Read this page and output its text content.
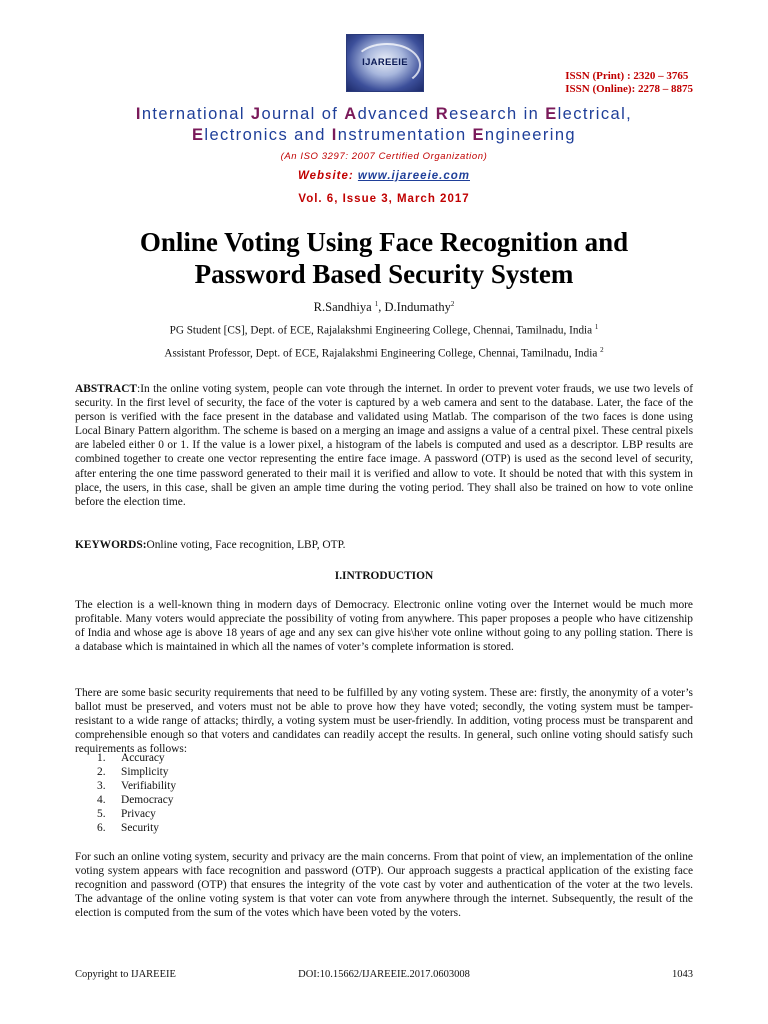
IJAREEIE
ISSN (Print) : 2320 – 3765
ISSN (Online): 2278 – 8875
International Journal of Advanced Research in Electrical,
Electronics and Instrumentation Engineering
(An ISO 3297: 2007 Certified Organization)
Website: www.ijareeie.com
Vol. 6, Issue 3, March 2017
Online Voting Using Face Recognition and
Password Based Security System
R.Sandhiya $^1$, D.Indumathy$^2$
PG Student [CS], Dept. of ECE, Rajalakshmi Engineering College, Chennai, Tamilnadu, India $^1$
Assistant Professor, Dept. of ECE, Rajalakshmi Engineering College, Chennai, Tamilnadu, India $^2$
ABSTRACT:In the online voting system, people can vote through the internet. In order to prevent voter frauds, we use two levels of security. In the first level of security, the face of the voter is captured by a web camera and sent to the database. Later, the face of the person is verified with the face present in the database and validated using Matlab. The comparison of the two faces is done using Local Binary Pattern algorithm. The scheme is based on a merging an image and assigns a value of a central pixel. These central pixels are labeled either 0 or 1. If the value is a lower pixel, a histogram of the labels is computed and used as a descriptor. LBP results are combined together to create one vector representing the entire face image. A password (OTP) is used as the second level of security, after entering the one time password generated to their mail it is verified and allow to vote. It should be noted that with this system in place, the users, in this case, shall be given an ample time during the voting period. They shall also be trained on how to vote online before the election time.
KEYWORDS:Online voting, Face recognition, LBP, OTP.
I.INTRODUCTION
The election is a well-known thing in modern days of Democracy. Electronic online voting over the Internet would be much more profitable. Many voters would appreciate the possibility of voting from anywhere. This paper proposes a people who have citizenship of India and whose age is above 18 years of age and any sex can give his\her vote online without going to any polling station. There is a database which is maintained in which all the names of voter’s complete information is stored.
There are some basic security requirements that need to be fulfilled by any voting system. These are: firstly, the anonymity of a voter’s ballot must be preserved, and voters must not be able to prove how they have voted; secondly, the voting system must be tamper-resistant to a wide range of attacks; thirdly, a voting system must be user-friendly. In addition, voting process must be transparent and comprehensible enough so that voters and candidates can readily accept the results. In general, such online voting should satisfy such requirements as follows:
1.	Accuracy
2.	Simplicity
3.	Verifiability
4.	Democracy
5.	Privacy
6.	Security
For such an online voting system, security and privacy are the main concerns. From that point of view, an implementation of the online voting system appears with face recognition and password (OTP). Our approach suggests a practical application of the existing face recognition and password (OTP) that ensures the integrity of the vote cast by voter and authentication of the voter at the two levels. The advantage of the online voting system is that voter can vote from anywhere through the internet. Subsequently, the result of the election is computed from the sum of the votes which have been voted by the voters.
Copyright to IJAREEIE	DOI:10.15662/IJAREEIE.2017.0603008	1043
